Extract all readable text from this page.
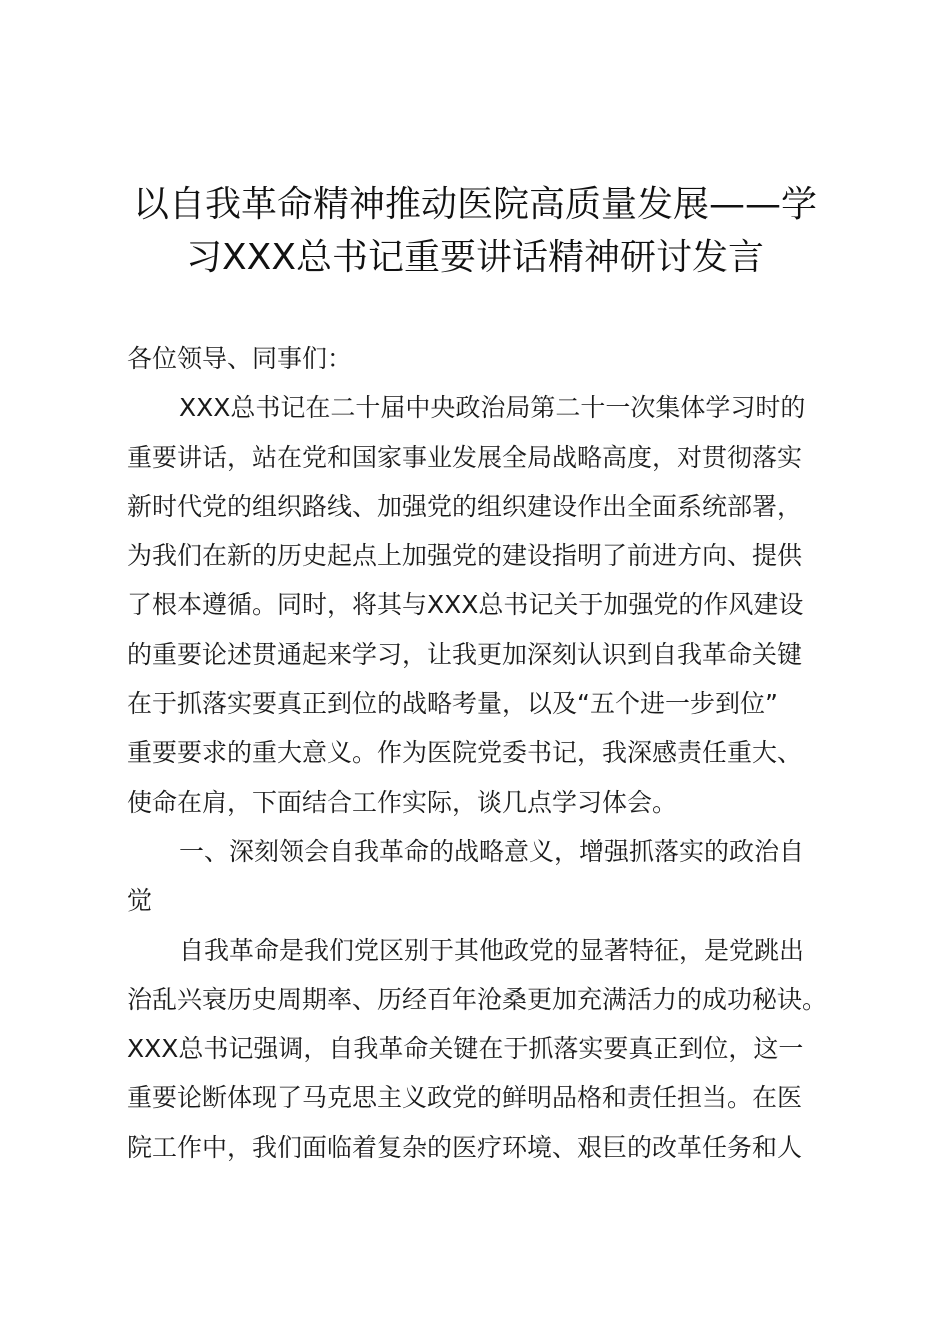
以自我革命精神推动医院高质量发展——学
习XXX总书记重要讲话精神研讨发言
各位领导、同事们：
XXX总书记在二十届中央政治局第二十一次集体学习时的
重要讲话，站在党和国家事业发展全局战略高度，对贯彻落实
新时代党的组织路线、加强党的组织建设作出全面系统部署，
为我们在新的历史起点上加强党的建设指明了前进方向、提供
了根本遵循。同时，将其与XXX总书记关于加强党的作风建设
的重要论述贯通起来学习，让我更加深刻认识到自我革命关键
在于抓落实要真正到位的战略考量，以及“五个进一步到位”
重要要求的重大意义。作为医院党委书记，我深感责任重大、
使命在肩，下面结合工作实际，谈几点学习体会。
一、深刻领会自我革命的战略意义，增强抓落实的政治自
觉
自我革命是我们党区别于其他政党的显著特征，是党跳出
治乱兴衰历史周期率、历经百年沧桑更加充满活力的成功秘诀。
XXX总书记强调，自我革命关键在于抓落实要真正到位，这一
重要论断体现了马克思主义政党的鲜明品格和责任担当。在医
院工作中，我们面临着复杂的医疗环境、艰巨的改革任务和人
